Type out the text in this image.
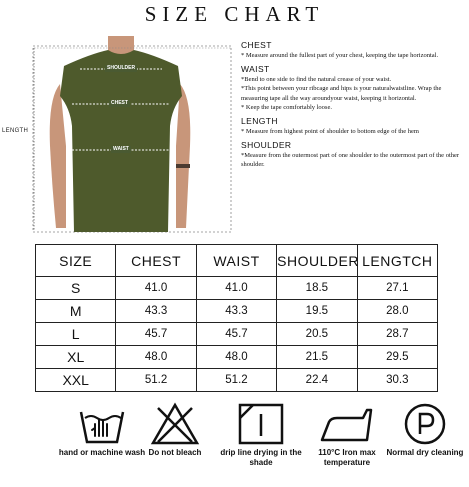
SIZE CHART
SHOULDER
CHEST
WAIST
LENGTH
CHEST
* Measure around the fullest part of your chest, keeping the tape horizontal.
WAIST
*Bend to one side to find the natural crease of your waist.
*This point between your ribcage and hips is your naturalwaistline. Wrap the measuring tape all the way aroundyour waist, keeping it horizontal.
* Keep the tape comfortably loose.
LENGTH
* Measure from highest point of shoulder to bottom edge of the hem
SHOULDER
*Measure from the outermost part of one shoulder to the outermost part of the other shoulder.
SIZE	CHEST	WAIST	SHOULDER	LENGTCH
S	41.0	41.0	18.5	27.1
M	43.3	43.3	19.5	28.0
L	45.7	45.7	20.5	28.7
XL	48.0	48.0	21.5	29.5
XXL	51.2	51.2	22.4	30.3
hand or machine wash Do not bleach	drip line drying in the shade
110°C Iron max temperature
Normal dry cleaning
